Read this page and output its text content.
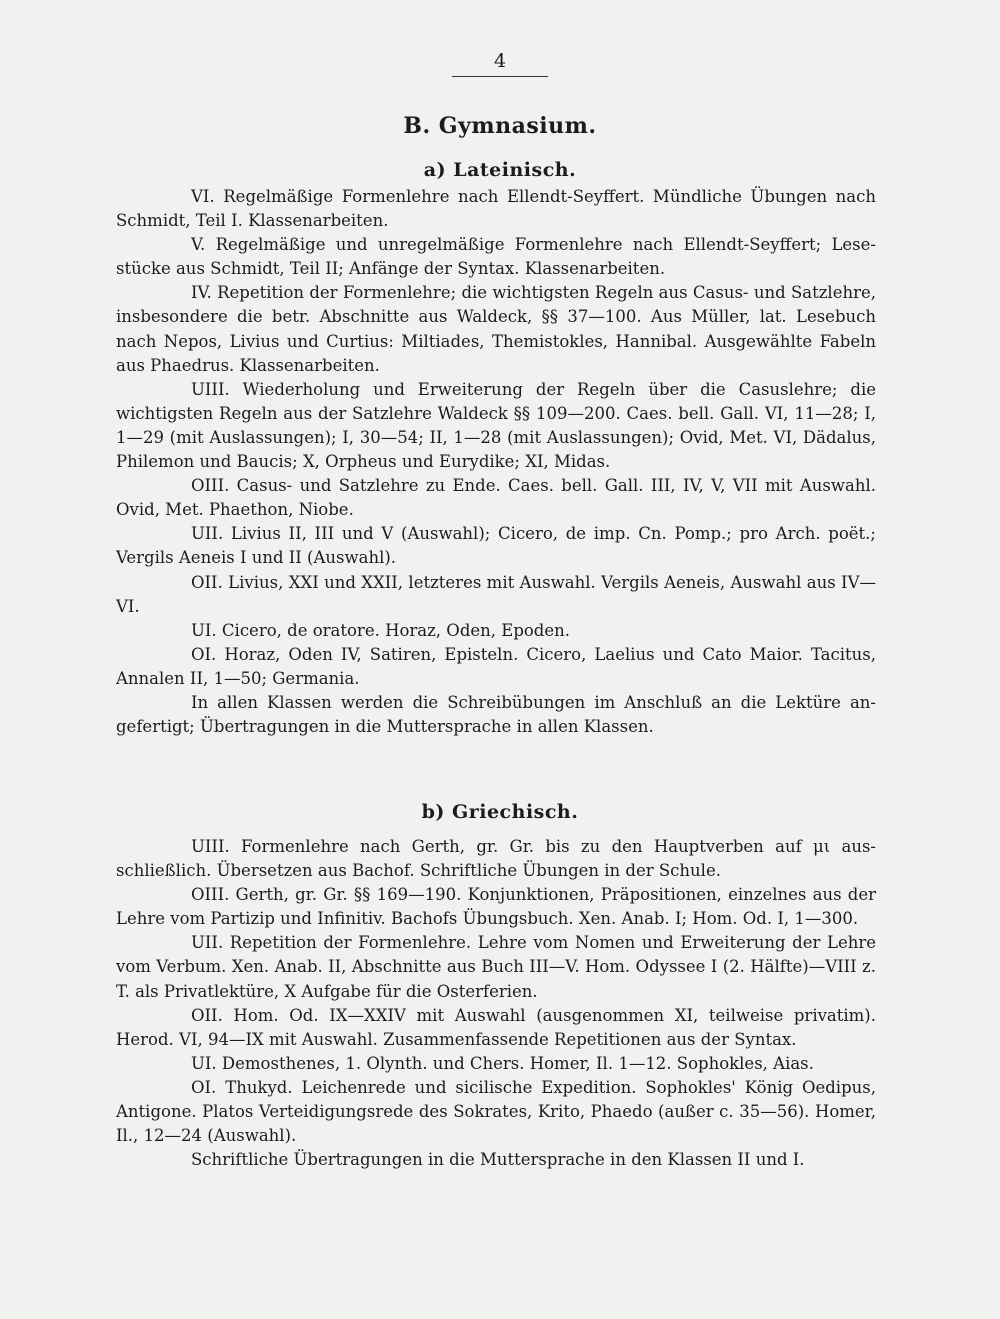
4
B. Gymnasium.
a) Lateinisch.

VI. Regelmäßige Formenlehre nach Ellendt-Seyffert. Mündliche Übungen nach Schmidt, Teil I. Klassenarbeiten.

V. Regelmäßige und unregelmäßige Formenlehre nach Ellendt-Seyffert; Lesestücke aus Schmidt, Teil II; Anfänge der Syntax. Klassenarbeiten.

IV. Repetition der Formenlehre; die wichtigsten Regeln aus Casus- und Satzlehre, insbesondere die betr. Abschnitte aus Waldeck, §§ 37—100. Aus Müller, lat. Lesebuch nach Nepos, Livius und Curtius: Miltiades, Themistokles, Hannibal. Ausgewählte Fabeln aus Phaedrus. Klassenarbeiten.

UIII. Wiederholung und Erweiterung der Regeln über die Casuslehre; die wichtigsten Regeln aus der Satzlehre Waldeck §§ 109—200. Caes. bell. Gall. VI, 11—28; I, 1—29 (mit Auslassungen); I, 30—54; II, 1—28 (mit Auslassungen); Ovid, Met. VI, Dädalus, Philemon und Baucis; X, Orpheus und Eurydike; XI, Midas.

OIII. Casus- und Satzlehre zu Ende. Caes. bell. Gall. III, IV, V, VII mit Auswahl. Ovid, Met. Phaethon, Niobe.

UII. Livius II, III und V (Auswahl); Cicero, de imp. Cn. Pomp.; pro Arch. poët.; Vergils Aeneis I und II (Auswahl).

OII. Livius, XXI und XXII, letzteres mit Auswahl. Vergils Aeneis, Auswahl aus IV—VI.

UI. Cicero, de oratore. Horaz, Oden, Epoden.

OI. Horaz, Oden IV, Satiren, Episteln. Cicero, Laelius und Cato Maior. Tacitus, Annalen II, 1—50; Germania.

In allen Klassen werden die Schreibübungen im Anschluß an die Lektüre angefertigt; Übertragungen in die Muttersprache in allen Klassen.

b) Griechisch.

UIII. Formenlehre nach Gerth, gr. Gr. bis zu den Hauptverben auf μι ausschließlich. Übersetzen aus Bachof. Schriftliche Übungen in der Schule.

OIII. Gerth, gr. Gr. §§ 169—190. Konjunktionen, Präpositionen, einzelnes aus der Lehre vom Partizip und Infinitiv. Bachofs Übungsbuch. Xen. Anab. I; Hom. Od. I, 1—300.

UII. Repetition der Formenlehre. Lehre vom Nomen und Erweiterung der Lehre vom Verbum. Xen. Anab. II, Abschnitte aus Buch III—V. Hom. Odyssee I (2. Hälfte)—VIII z. T. als Privatlektüre, X Aufgabe für die Osterferien.

OII. Hom. Od. IX—XXIV mit Auswahl (ausgenommen XI, teilweise privatim). Herod. VI, 94—IX mit Auswahl. Zusammenfassende Repetitionen aus der Syntax.

UI. Demosthenes, 1. Olynth. und Chers. Homer, Il. 1—12. Sophokles, Aias.

OI. Thukyd. Leichenrede und sicilische Expedition. Sophokles' König Oedipus, Antigone. Platos Verteidigungsrede des Sokrates, Krito, Phaedo (außer c. 35—56). Homer, Il., 12—24 (Auswahl).

Schriftliche Übertragungen in die Muttersprache in den Klassen II und I.
